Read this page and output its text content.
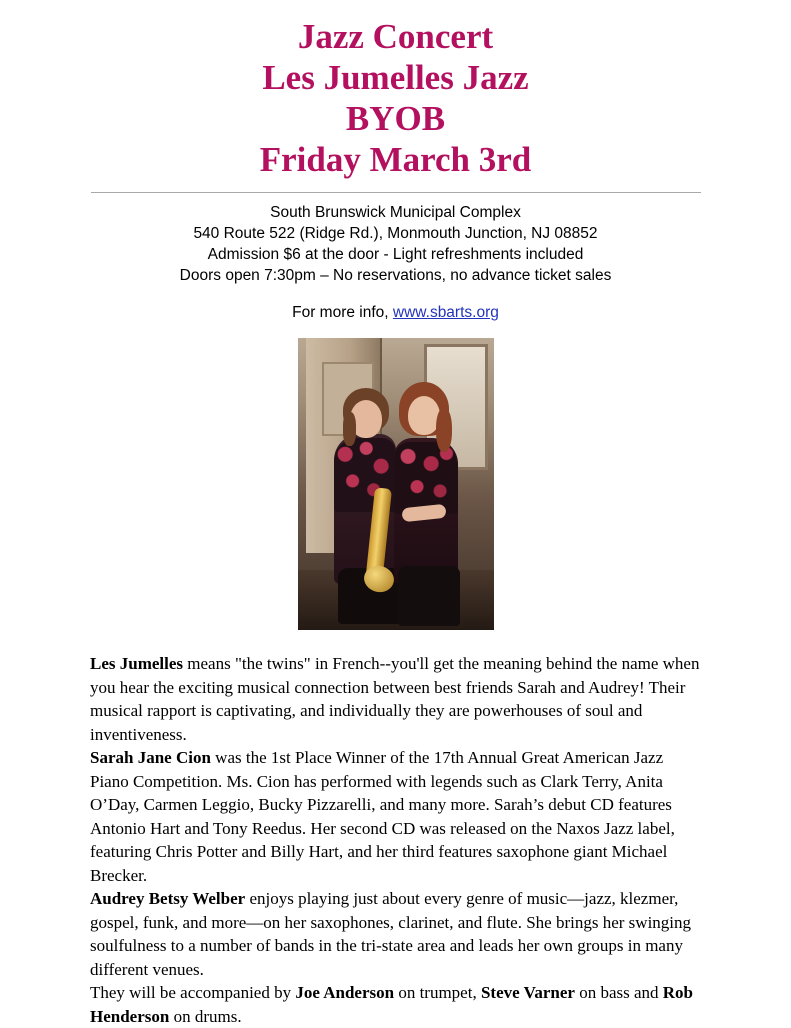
Jazz Concert
Les Jumelles Jazz
BYOB
Friday March 3rd
South Brunswick Municipal Complex
540 Route 522 (Ridge Rd.), Monmouth Junction, NJ 08852
Admission $6 at the door - Light refreshments included
Doors open 7:30pm – No reservations, no advance ticket sales
For more info, www.sbarts.org

Les Jumelles means "the twins" in French--you'll get the meaning behind the name when you hear the exciting musical connection between best friends Sarah and Audrey! Their musical rapport is captivating, and individually they are powerhouses of soul and inventiveness.

Sarah Jane Cion was the 1st Place Winner of the 17th Annual Great American Jazz Piano Competition. Ms. Cion has performed with legends such as Clark Terry, Anita O’Day, Carmen Leggio, Bucky Pizzarelli, and many more. Sarah’s debut CD features Antonio Hart and Tony Reedus. Her second CD was released on the Naxos Jazz label, featuring Chris Potter and Billy Hart, and her third features saxophone giant Michael Brecker.

Audrey Betsy Welber enjoys playing just about every genre of music—jazz, klezmer, gospel, funk, and more—on her saxophones, clarinet, and flute. She brings her swinging soulfulness to a number of bands in the tri-state area and leads her own groups in many different venues.

They will be accompanied by Joe Anderson on trumpet, Steve Varner on bass and Rob Henderson on drums.
